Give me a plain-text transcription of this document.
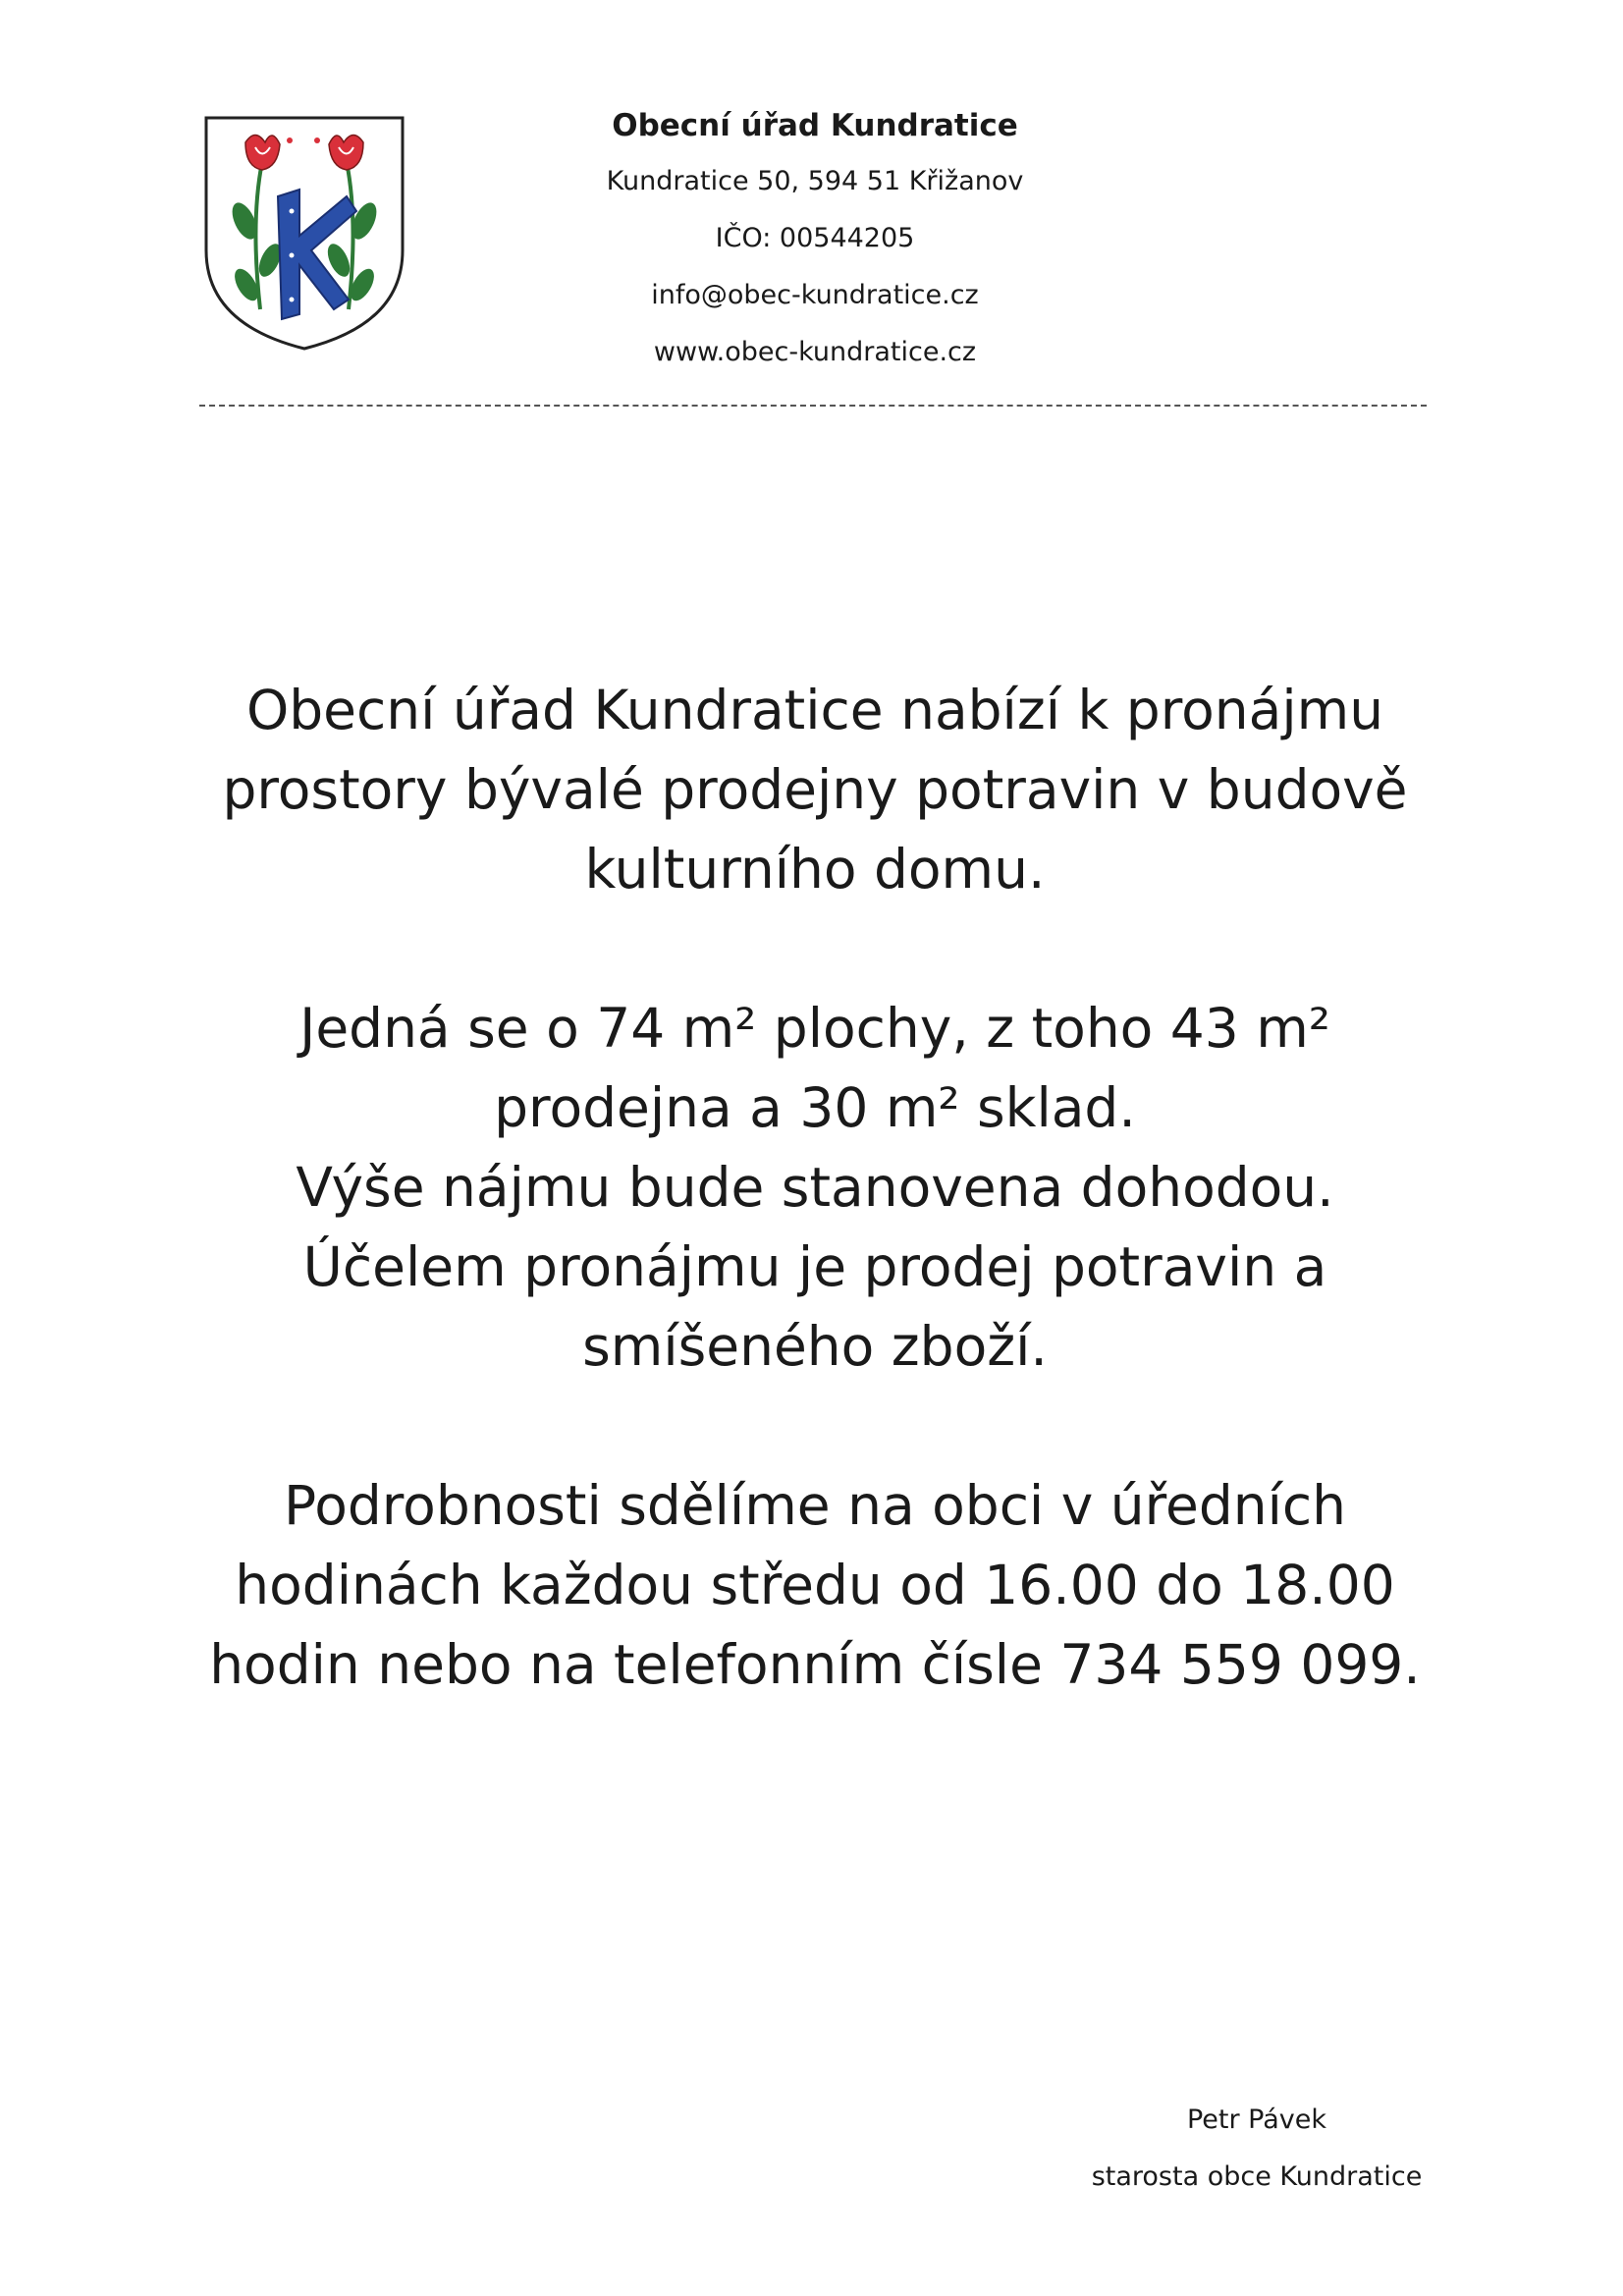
Obecní úřad Kundratice
Kundratice 50, 594 51 Křižanov
IČO: 00544205
info@obec-kundratice.cz
www.obec-kundratice.cz

Obecní úřad Kundratice nabízí k pronájmu

prostory bývalé prodejny potravin v budově

kulturního domu.

Jedná se o 74 m² plochy, z toho 43 m²

prodejna a 30 m² sklad.

Výše nájmu bude stanovena dohodou.

Účelem pronájmu je prodej potravin a

smíšeného zboží.

Podrobnosti sdělíme na obci v úředních

hodinách každou středu od 16.00 do 18.00

hodin nebo na telefonním čísle 734 559 099.

Petr Pávek
starosta obce Kundratice
